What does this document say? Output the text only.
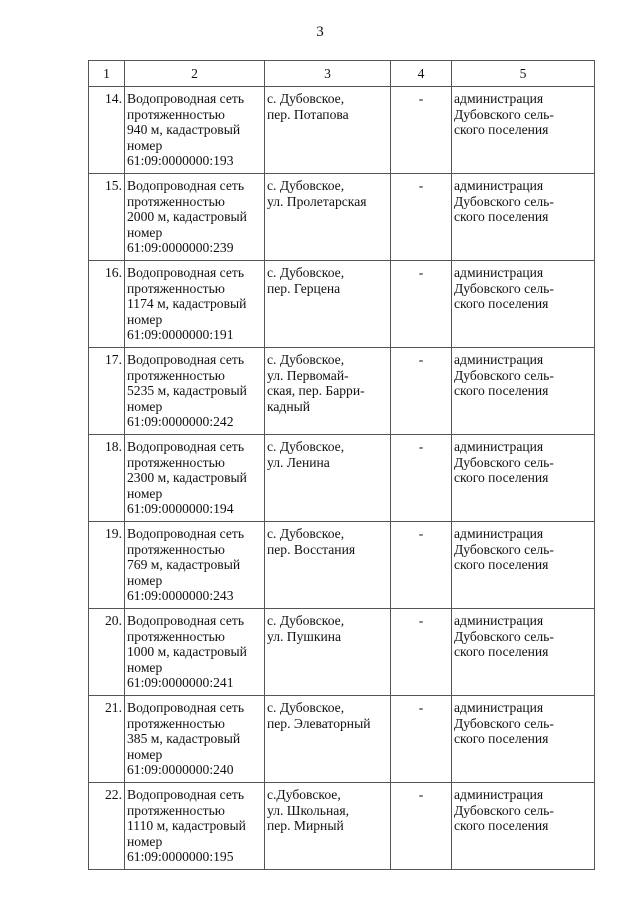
3
1	2	3	4	5
14.	Водопроводная сеть
протяженностью
940 м, кадастровый
номер
61:09:0000000:193	с. Дубовское,
пер. Потапова	-	администрация
Дубовского сель-
ского поселения

15.	Водопроводная сеть
протяженностью
2000 м, кадастровый
номер
61:09:0000000:239	с. Дубовское,
ул. Пролетарская	-	администрация
Дубовского сель-
ского поселения

16.	Водопроводная сеть
протяженностью
1174 м, кадастровый
номер
61:09:0000000:191	с. Дубовское,
пер. Герцена	-	администрация
Дубовского сель-
ского поселения

17.	Водопроводная сеть
протяженностью
5235 м, кадастровый
номер
61:09:0000000:242	с. Дубовское,
ул. Первомай-
ская, пер. Барри-
кадный	-	администрация
Дубовского сель-
ского поселения

18.	Водопроводная сеть
протяженностью
2300 м, кадастровый
номер
61:09:0000000:194	с. Дубовское,
ул. Ленина	-	администрация
Дубовского сель-
ского поселения

19.	Водопроводная сеть
протяженностью
769 м, кадастровый
номер
61:09:0000000:243	с. Дубовское,
пер. Восстания	-	администрация
Дубовского сель-
ского поселения

20.	Водопроводная сеть
протяженностью
1000 м, кадастровый
номер
61:09:0000000:241	с. Дубовское,
ул. Пушкина	-	администрация
Дубовского сель-
ского поселения

21.	Водопроводная сеть
протяженностью
385 м, кадастровый
номер
61:09:0000000:240	с. Дубовское,
пер. Элеваторный	-	администрация
Дубовского сель-
ского поселения

22.	Водопроводная сеть
протяженностью
1110 м, кадастровый
номер
61:09:0000000:195	с.Дубовское,
ул. Школьная,
пер. Мирный	-	администрация
Дубовского сель-
ского поселения
